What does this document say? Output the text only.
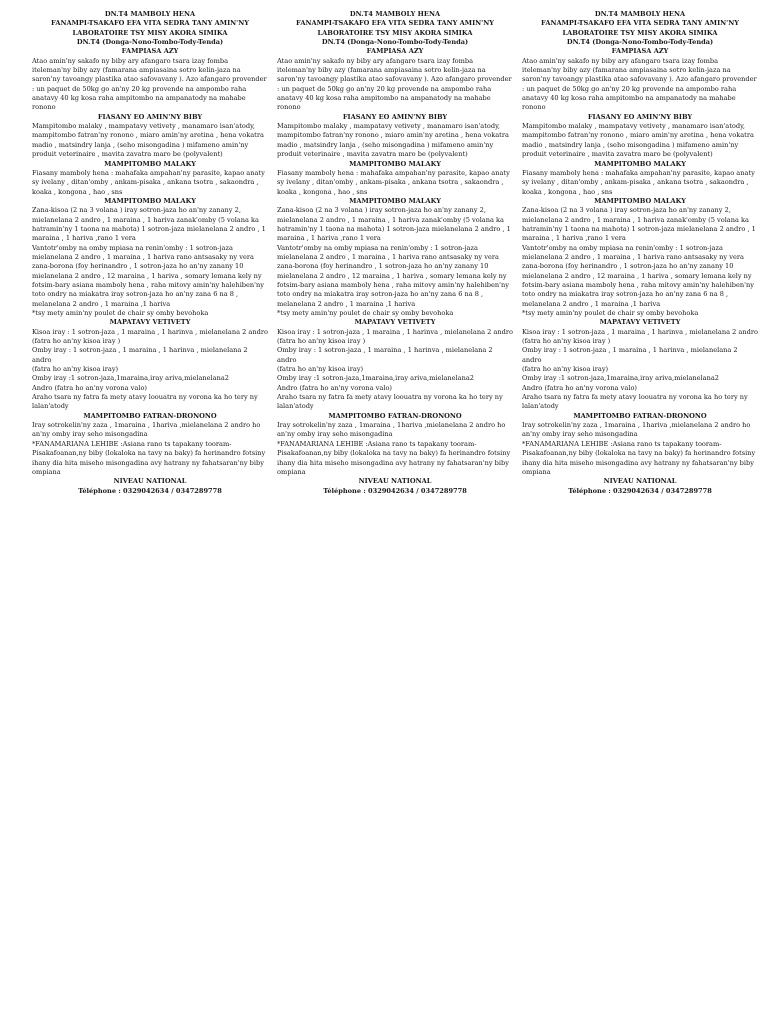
DN.T4 MAMBOLY HENA
FANAMPI-TSAKAFO EFA VITA SEDRA TANY AMIN'NY
LABORATOIRE TSY MISY AKORA SIMIKA
DN.T4 (Donga-Nono-Tombo-Tody-Tenda)
FAMPIASA AZY
Atao amin'ny sakafo ny biby ary afangaro tsara izay fomba iteleman'ny biby azy (famarana ampiasaina sotro kelin-jaza na saron'ny tavoangy plastika atao safovavany ). Azo afangaro provender : un paquet de 50kg go an'ny 20 kg provende na ampombo raha anatavy 40 kg kosa raha ampitombo na ampanatody na mahabe ronono
FIASANY EO AMIN'NY BIBY
Mampitombo malaky , mampatavy vetivety , manamaro isan'atody, mampitombo fatran'ny ronono , miaro amin'ny aretina , hena vokatra madio , matsindry lanja , (seho misongadina ) mifameno amin'ny produit veterinaire , mavita zavatra maro be (polyvalent)
MAMPITOMBO MALAKY
Fiasany mamboly hena : mahafaka ampahan'ny parasite, kapao anaty sy ivelany , ditan'omby , ankam-pisaka , ankana tsotra , sakaondra , koaka , kongona , hao , sns
MAMPITOMBO MALAKY
Zana-kisoa (2 na 3 volana ) iray sotron-jaza ho an'ny zanany 2, mielanelana 2 andro , 1 maraina , 1 hariva zanak'omby (5 volana ka hatramin'ny 1 taona na mahota) 1 sotron-jaza mielanelana 2 andro , 1 maraina , 1 hariva ,rano 1 vera
Vantotr'omby na omby mpiasa na renin'omby : 1 sotron-jaza mielanelana 2 andro , 1 maraina , 1 hariva rano antsasaky ny vera zana-borona (foy herinandro , 1 sotron-jaza ho an'ny zanany 10 mielanelana 2 andro , 12 maraina , 1 hariva , somary lemana kely ny fotsim-bary asiana mamboly hena , raha mitovy amin'ny halehiben'ny toto ondry na miakatra iray sotron-jaza ho an'ny zana 6 na 8 , melanelana 2 andro , 1 maraina ,1 hariva
*tsy mety amin'ny poulet de chair sy omby bevohoka
MAPATAVY VETIVETY
Kisoa iray : 1 sotron-jaza , 1 maraina , 1 harinva , mielanelana 2 andro (fatra ho an'ny kisoa iray )
Omby iray : 1 sotron-jaza , 1 maraina , 1 harinva , mielanelana 2 andro
(fatra ho an'ny kisoa iray)
Omby iray :1 sotron-jaza,1maraina,iray ariva,mielanelana2
Andro (fatra ho an'ny vorona valo)
Araho tsara ny fatra fa mety atavy loouatra ny vorona ka ho tery ny lalan'atody
MAMPITOMBO FATRAN-DRONONO
Iray sotrokelin'ny zaza , 1maraina , 1hariva ,mielanelana 2 andro ho an'ny omby iray seho misongadina
*FANAMARIANA LEHIBE :Asiana rano ts tapakany tooram-Pisakafoanan,ny biby (lokaloka na tavy na baky) fa herinandro fotsiny ihany dia hita miseho misongadina avy hatrany ny fahatsaran'ny biby ompiana
NIVEAU NATIONAL
Téléphone : 0329042634 / 0347289778
DN.T4 MAMBOLY HENA
FANAMPI-TSAKAFO EFA VITA SEDRA TANY AMIN'NY
LABORATOIRE TSY MISY AKORA SIMIKA
DN.T4 (Donga-Nono-Tombo-Tody-Tenda)
FAMPIASA AZY
Atao amin'ny sakafo ny biby ary afangaro tsara izay fomba iteleman'ny biby azy (famarana ampiasaina sotro kelin-jaza na saron'ny tavoangy plastika atao safovavany ). Azo afangaro provender : un paquet de 50kg go an'ny 20 kg provende na ampombo raha anatavy 40 kg kosa raha ampitombo na ampanatody na mahabe ronono
FIASANY EO AMIN'NY BIBY
Mampitombo malaky , mampatavy vetivety , manamaro isan'atody, mampitombo fatran'ny ronono , miaro amin'ny aretina , hena vokatra madio , matsindry lanja , (seho misongadina ) mifameno amin'ny produit veterinaire , mavita zavatra maro be (polyvalent)
MAMPITOMBO MALAKY
Fiasany mamboly hena : mahafaka ampahan'ny parasite, kapao anaty sy ivelany , ditan'omby , ankam-pisaka , ankana tsotra , sakaondra , koaka , kongona , hao , sns
MAMPITOMBO MALAKY
Zana-kisoa (2 na 3 volana ) iray sotron-jaza ho an'ny zanany 2, mielanelana 2 andro , 1 maraina , 1 hariva zanak'omby (5 volana ka hatramin'ny 1 taona na mahota) 1 sotron-jaza mielanelana 2 andro , 1 maraina , 1 hariva ,rano 1 vera
Vantotr'omby na omby mpiasa na renin'omby : 1 sotron-jaza mielanelana 2 andro , 1 maraina , 1 hariva rano antsasaky ny vera zana-borona (foy herinandro , 1 sotron-jaza ho an'ny zanany 10 mielanelana 2 andro , 12 maraina , 1 hariva , somary lemana kely ny fotsim-bary asiana mamboly hena , raha mitovy amin'ny halehiben'ny toto ondry na miakatra iray sotron-jaza ho an'ny zana 6 na 8 , melanelana 2 andro , 1 maraina ,1 hariva
*tsy mety amin'ny poulet de chair sy omby bevohoka
MAPATAVY VETIVETY
Kisoa iray : 1 sotron-jaza , 1 maraina , 1 harinva , mielanelana 2 andro (fatra ho an'ny kisoa iray )
Omby iray : 1 sotron-jaza , 1 maraina , 1 harinva , mielanelana 2 andro
(fatra ho an'ny kisoa iray)
Omby iray :1 sotron-jaza,1maraina,iray ariva,mielanelana2
Andro (fatra ho an'ny vorona valo)
Araho tsara ny fatra fa mety atavy loouatra ny vorona ka ho tery ny lalan'atody
MAMPITOMBO FATRAN-DRONONO
Iray sotrokelin'ny zaza , 1maraina , 1hariva ,mielanelana 2 andro ho an'ny omby iray seho misongadina
*FANAMARIANA LEHIBE :Asiana rano ts tapakany tooram-Pisakafoanan,ny biby (lokaloka na tavy na baky) fa herinandro fotsiny ihany dia hita miseho misongadina avy hatrany ny fahatsaran'ny biby ompiana
NIVEAU NATIONAL
Téléphone : 0329042634 / 0347289778
DN.T4 MAMBOLY HENA
FANAMPI-TSAKAFO EFA VITA SEDRA TANY AMIN'NY
LABORATOIRE TSY MISY AKORA SIMIKA
DN.T4 (Donga-Nono-Tombo-Tody-Tenda)
FAMPIASA AZY
Atao amin'ny sakafo ny biby ary afangaro tsara izay fomba iteleman'ny biby azy (famarana ampiasaina sotro kelin-jaza na saron'ny tavoangy plastika atao safovavany ). Azo afangaro provender : un paquet de 50kg go an'ny 20 kg provende na ampombo raha anatavy 40 kg kosa raha ampitombo na ampanatody na mahabe ronono
FIASANY EO AMIN'NY BIBY
Mampitombo malaky , mampatavy vetivety , manamaro isan'atody, mampitombo fatran'ny ronono , miaro amin'ny aretina , hena vokatra madio , matsindry lanja , (seho misongadina ) mifameno amin'ny produit veterinaire , mavita zavatra maro be (polyvalent)
MAMPITOMBO MALAKY
Fiasany mamboly hena : mahafaka ampahan'ny parasite, kapao anaty sy ivelany , ditan'omby , ankam-pisaka , ankana tsotra , sakaondra , koaka , kongona , hao , sns
MAMPITOMBO MALAKY
Zana-kisoa (2 na 3 volana ) iray sotron-jaza ho an'ny zanany 2, mielanelana 2 andro , 1 maraina , 1 hariva zanak'omby (5 volana ka hatramin'ny 1 taona na mahota) 1 sotron-jaza mielanelana 2 andro , 1 maraina , 1 hariva ,rano 1 vera
Vantotr'omby na omby mpiasa na renin'omby : 1 sotron-jaza mielanelana 2 andro , 1 maraina , 1 hariva rano antsasaky ny vera zana-borona (foy herinandro , 1 sotron-jaza ho an'ny zanany 10 mielanelana 2 andro , 12 maraina , 1 hariva , somary lemana kely ny fotsim-bary asiana mamboly hena , raha mitovy amin'ny halehiben'ny toto ondry na miakatra iray sotron-jaza ho an'ny zana 6 na 8 , melanelana 2 andro , 1 maraina ,1 hariva
*tsy mety amin'ny poulet de chair sy omby bevohoka
MAPATAVY VETIVETY
Kisoa iray : 1 sotron-jaza , 1 maraina , 1 harinva , mielanelana 2 andro (fatra ho an'ny kisoa iray )
Omby iray : 1 sotron-jaza , 1 maraina , 1 harinva , mielanelana 2 andro
(fatra ho an'ny kisoa iray)
Omby iray :1 sotron-jaza,1maraina,iray ariva,mielanelana2
Andro (fatra ho an'ny vorona valo)
Araho tsara ny fatra fa mety atavy loouatra ny vorona ka ho tery ny lalan'atody
MAMPITOMBO FATRAN-DRONONO
Iray sotrokelin'ny zaza , 1maraina , 1hariva ,mielanelana 2 andro ho an'ny omby iray seho misongadina
*FANAMARIANA LEHIBE :Asiana rano ts tapakany tooram-Pisakafoanan,ny biby (lokaloka na tavy na baky) fa herinandro fotsiny ihany dia hita miseho misongadina avy hatrany ny fahatsaran'ny biby ompiana
NIVEAU NATIONAL
Téléphone : 0329042634 / 0347289778
